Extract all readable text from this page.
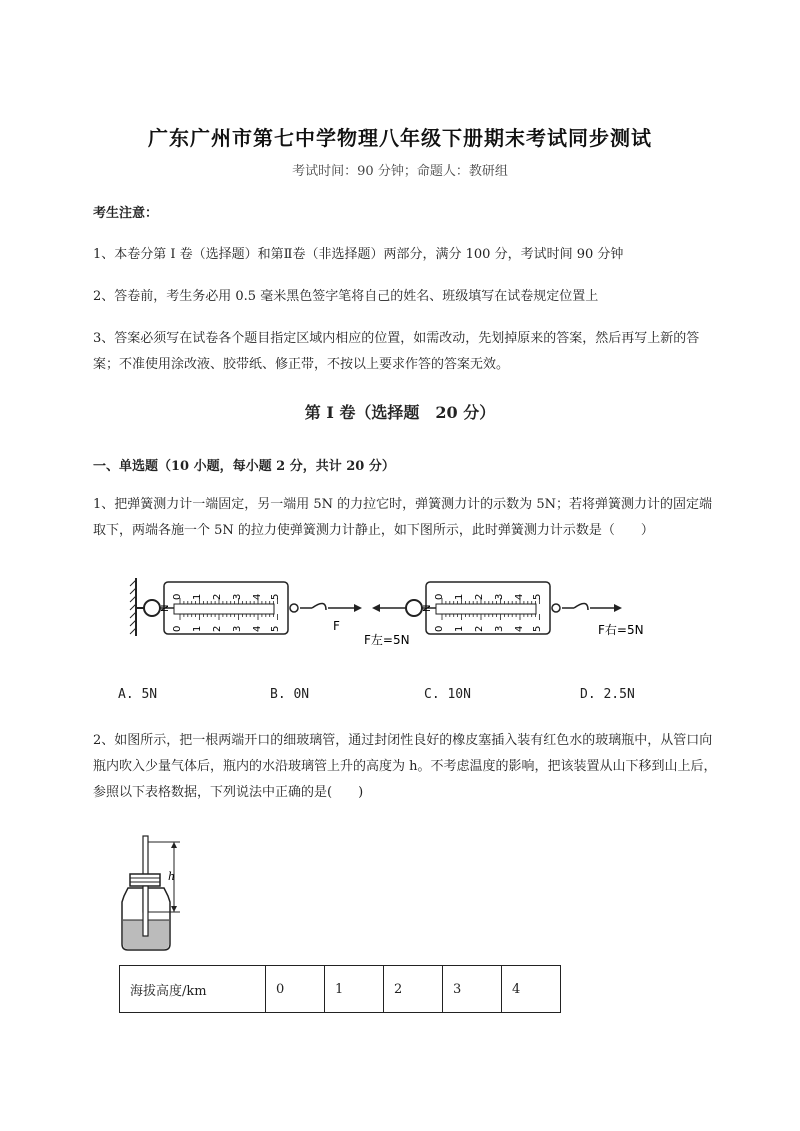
广东广州市第七中学物理八年级下册期末考试同步测试
考试时间：90 分钟；命题人：教研组
考生注意：
1、本卷分第 I 卷（选择题）和第Ⅱ卷（非选择题）两部分，满分 100 分，考试时间 90 分钟
2、答卷前，考生务必用 0.5 毫米黑色签字笔将自己的姓名、班级填写在试卷规定位置上
3、答案必须写在试卷各个题目指定区域内相应的位置，如需改动，先划掉原来的答案，然后再写上新的答案；不准使用涂改液、胶带纸、修正带，不按以上要求作答的答案无效。
第 I 卷（选择题　20 分）
一、单选题（10 小题，每小题 2 分，共计 20 分）
1、把弹簧测力计一端固定，另一端用 5N 的力拉它时，弹簧测力计的示数为 5N；若将弹簧测力计的固定端取下，两端各施一个 5N 的拉力使弹簧测力计静止，如下图所示，此时弹簧测力计示数是（　　）
N
0 1 2 3 4 5
0 1 2 3 4 5	F
N
0 1 2 3 4 5
0 1 2 3 4 5
F左=5N
F右=5N
A. 5N	B. 0N	C. 10N	D. 2.5N
2、如图所示，把一根两端开口的细玻璃管，通过封闭性良好的橡皮塞插入装有红色水的玻璃瓶中，从管口向瓶内吹入少量气体后，瓶内的水沿玻璃管上升的高度为 h。不考虑温度的影响，把该装置从山下移到山上后，参照以下表格数据，下列说法中正确的是(　　)
h
海拔高度/km	0	1	2	3	4
